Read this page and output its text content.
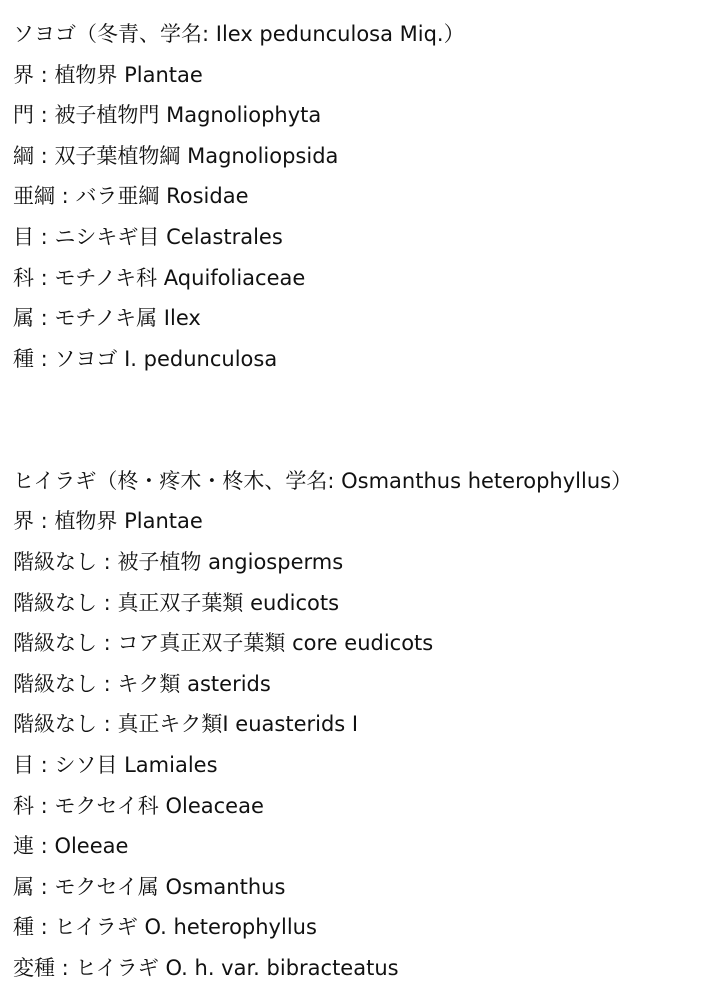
ソヨゴ（冬青、学名: Ilex pedunculosa Miq.）
界 : 植物界 Plantae
門 : 被子植物門 Magnoliophyta
綱 : 双子葉植物綱 Magnoliopsida
亜綱 : バラ亜綱 Rosidae
目 : ニシキギ目 Celastrales
科 : モチノキ科 Aquifoliaceae
属 : モチノキ属 Ilex
種 : ソヨゴ I. pedunculosa
ヒイラギ（柊・疼木・柊木、学名: Osmanthus heterophyllus）
界 : 植物界 Plantae
階級なし : 被子植物 angiosperms
階級なし : 真正双子葉類 eudicots
階級なし : コア真正双子葉類 core eudicots
階級なし : キク類 asterids
階級なし : 真正キク類I euasterids I
目 : シソ目 Lamiales
科 : モクセイ科 Oleaceae
連 : Oleeae
属 : モクセイ属 Osmanthus
種 : ヒイラギ O. heterophyllus
変種 : ヒイラギ O. h. var. bibracteatus
